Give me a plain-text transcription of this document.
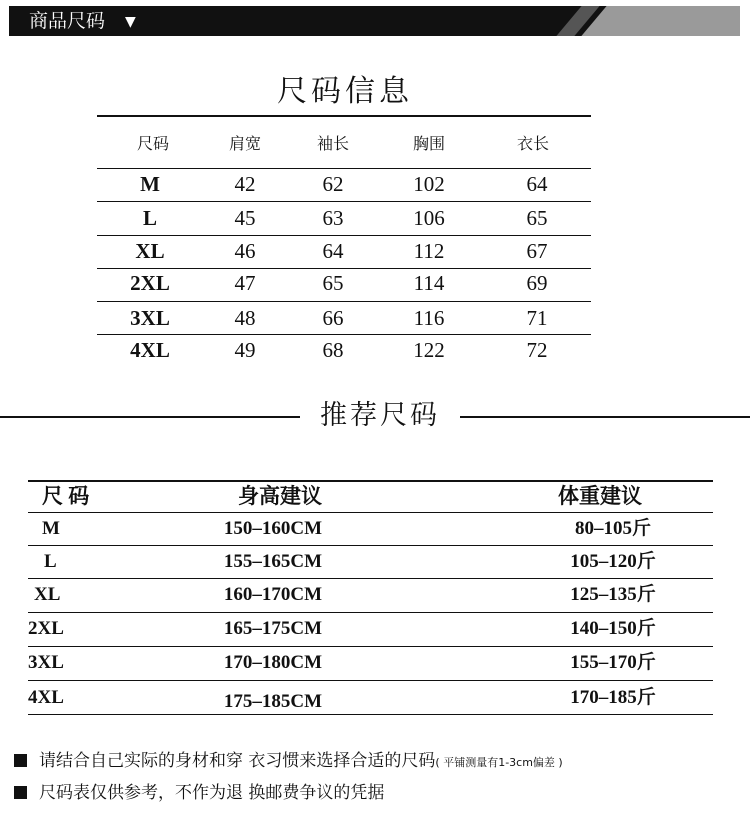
商品尺码 ▼
尺码信息
尺码	肩宽	袖长	胸围	衣长
M	42	62	102	64
L	45	63	106	65
XL	46	64	112	67
2XL	47	65	114	69
3XL	48	66	116	71
4XL	49	68	122	72
推荐尺码
尺 码	身高建议	体重建议
M	150–160CM	80–105斤
L	155–165CM	105–120斤
XL	160–170CM	125–135斤
2XL	165–175CM	140–150斤
3XL	170–180CM	155–170斤
4XL	175–185CM	170–185斤
请结合自己实际的身材和穿 衣习惯来选择合适的尺码( 平铺测量有1-3cm偏差 )
尺码表仅供参考，不作为退 换邮费争议的凭据
